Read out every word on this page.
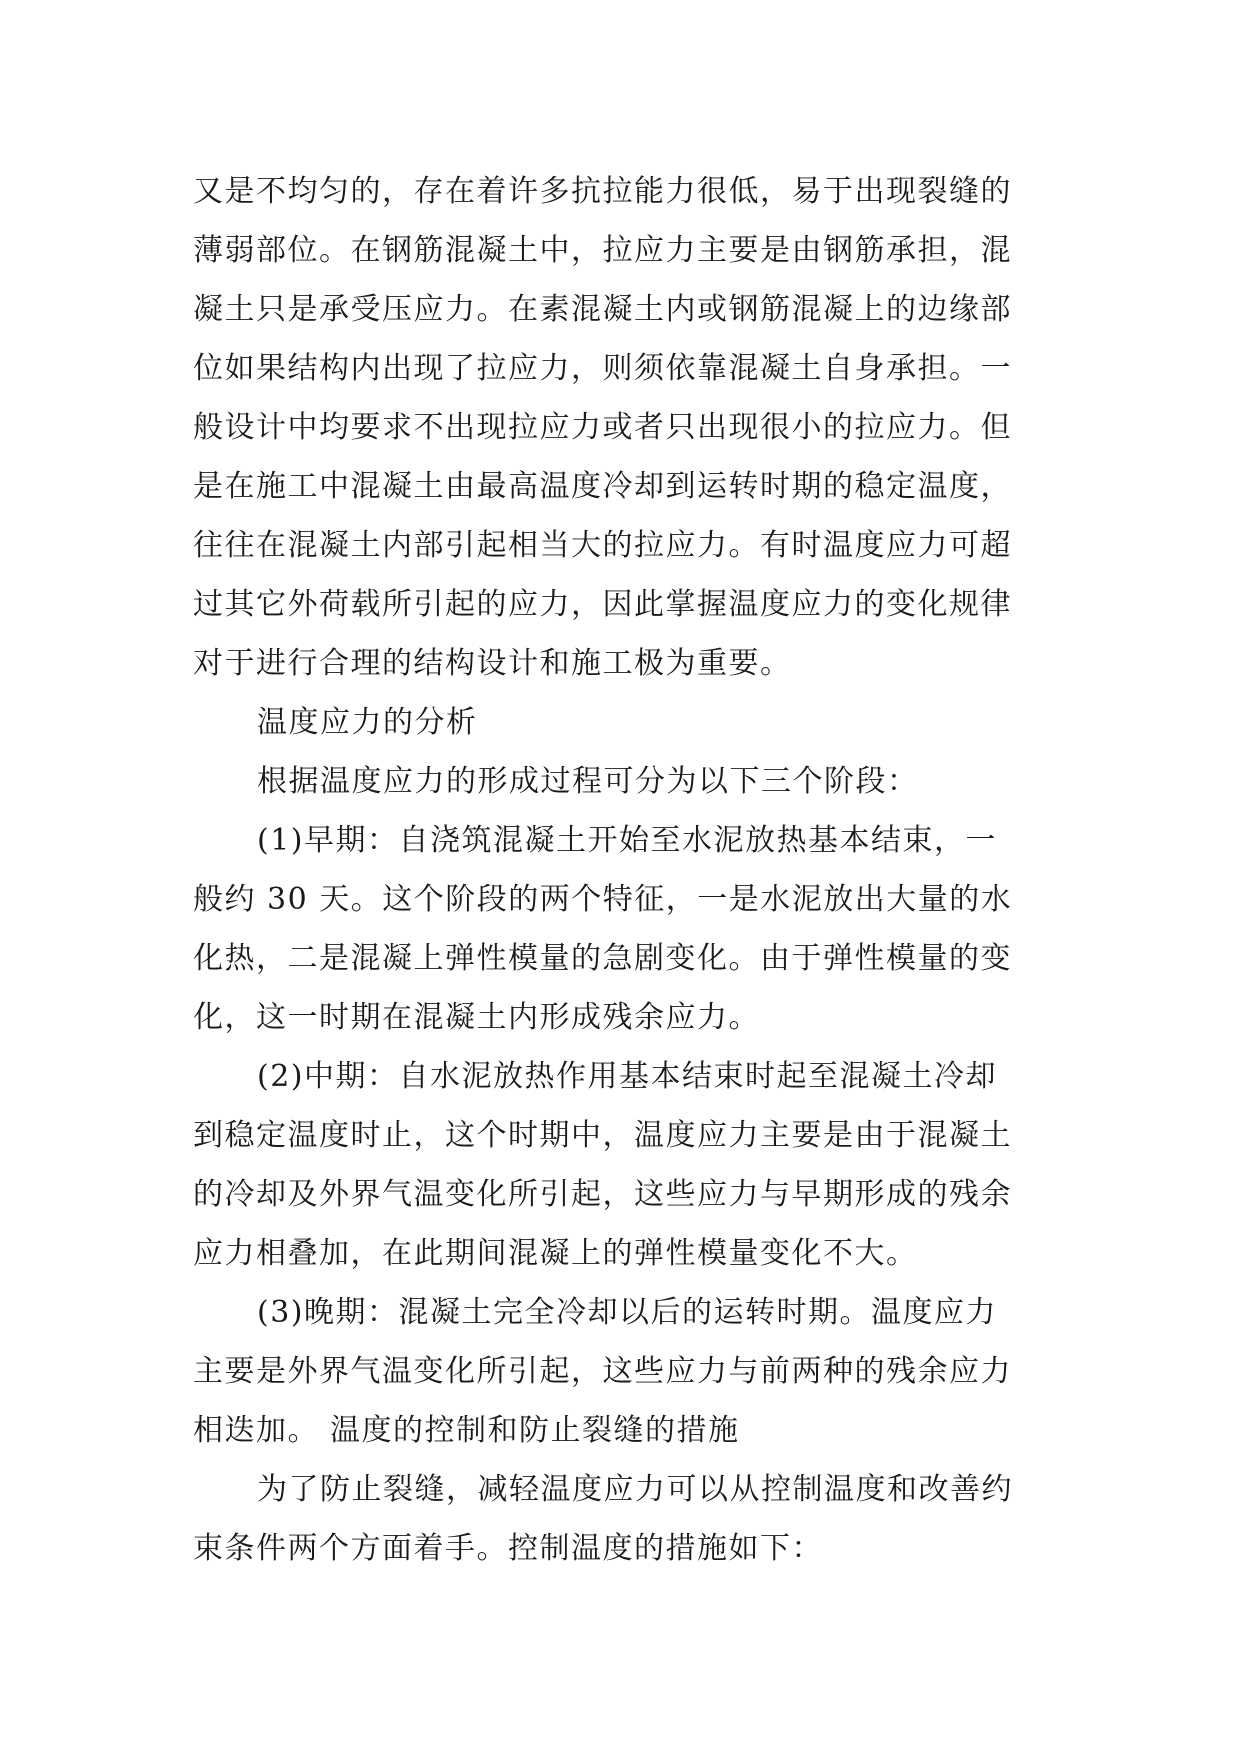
又是不均匀的，存在着许多抗拉能力很低，易于出现裂缝的
薄弱部位。在钢筋混凝土中，拉应力主要是由钢筋承担，混
凝土只是承受压应力。在素混凝土内或钢筋混凝上的边缘部
位如果结构内出现了拉应力，则须依靠混凝土自身承担。一
般设计中均要求不出现拉应力或者只出现很小的拉应力。但
是在施工中混凝土由最高温度冷却到运转时期的稳定温度，
往往在混凝土内部引起相当大的拉应力。有时温度应力可超
过其它外荷载所引起的应力，因此掌握温度应力的变化规律
对于进行合理的结构设计和施工极为重要。
温度应力的分析
根据温度应力的形成过程可分为以下三个阶段：
(1)早期：自浇筑混凝土开始至水泥放热基本结束，一
般约 30 天。这个阶段的两个特征，一是水泥放出大量的水
化热，二是混凝上弹性模量的急剧变化。由于弹性模量的变
化，这一时期在混凝土内形成残余应力。
(2)中期：自水泥放热作用基本结束时起至混凝土冷却
到稳定温度时止，这个时期中，温度应力主要是由于混凝土
的冷却及外界气温变化所引起，这些应力与早期形成的残余
应力相叠加，在此期间混凝上的弹性模量变化不大。
(3)晚期：混凝土完全冷却以后的运转时期。温度应力
主要是外界气温变化所引起，这些应力与前两种的残余应力
相迭加。 温度的控制和防止裂缝的措施
为了防止裂缝，减轻温度应力可以从控制温度和改善约
束条件两个方面着手。控制温度的措施如下：
